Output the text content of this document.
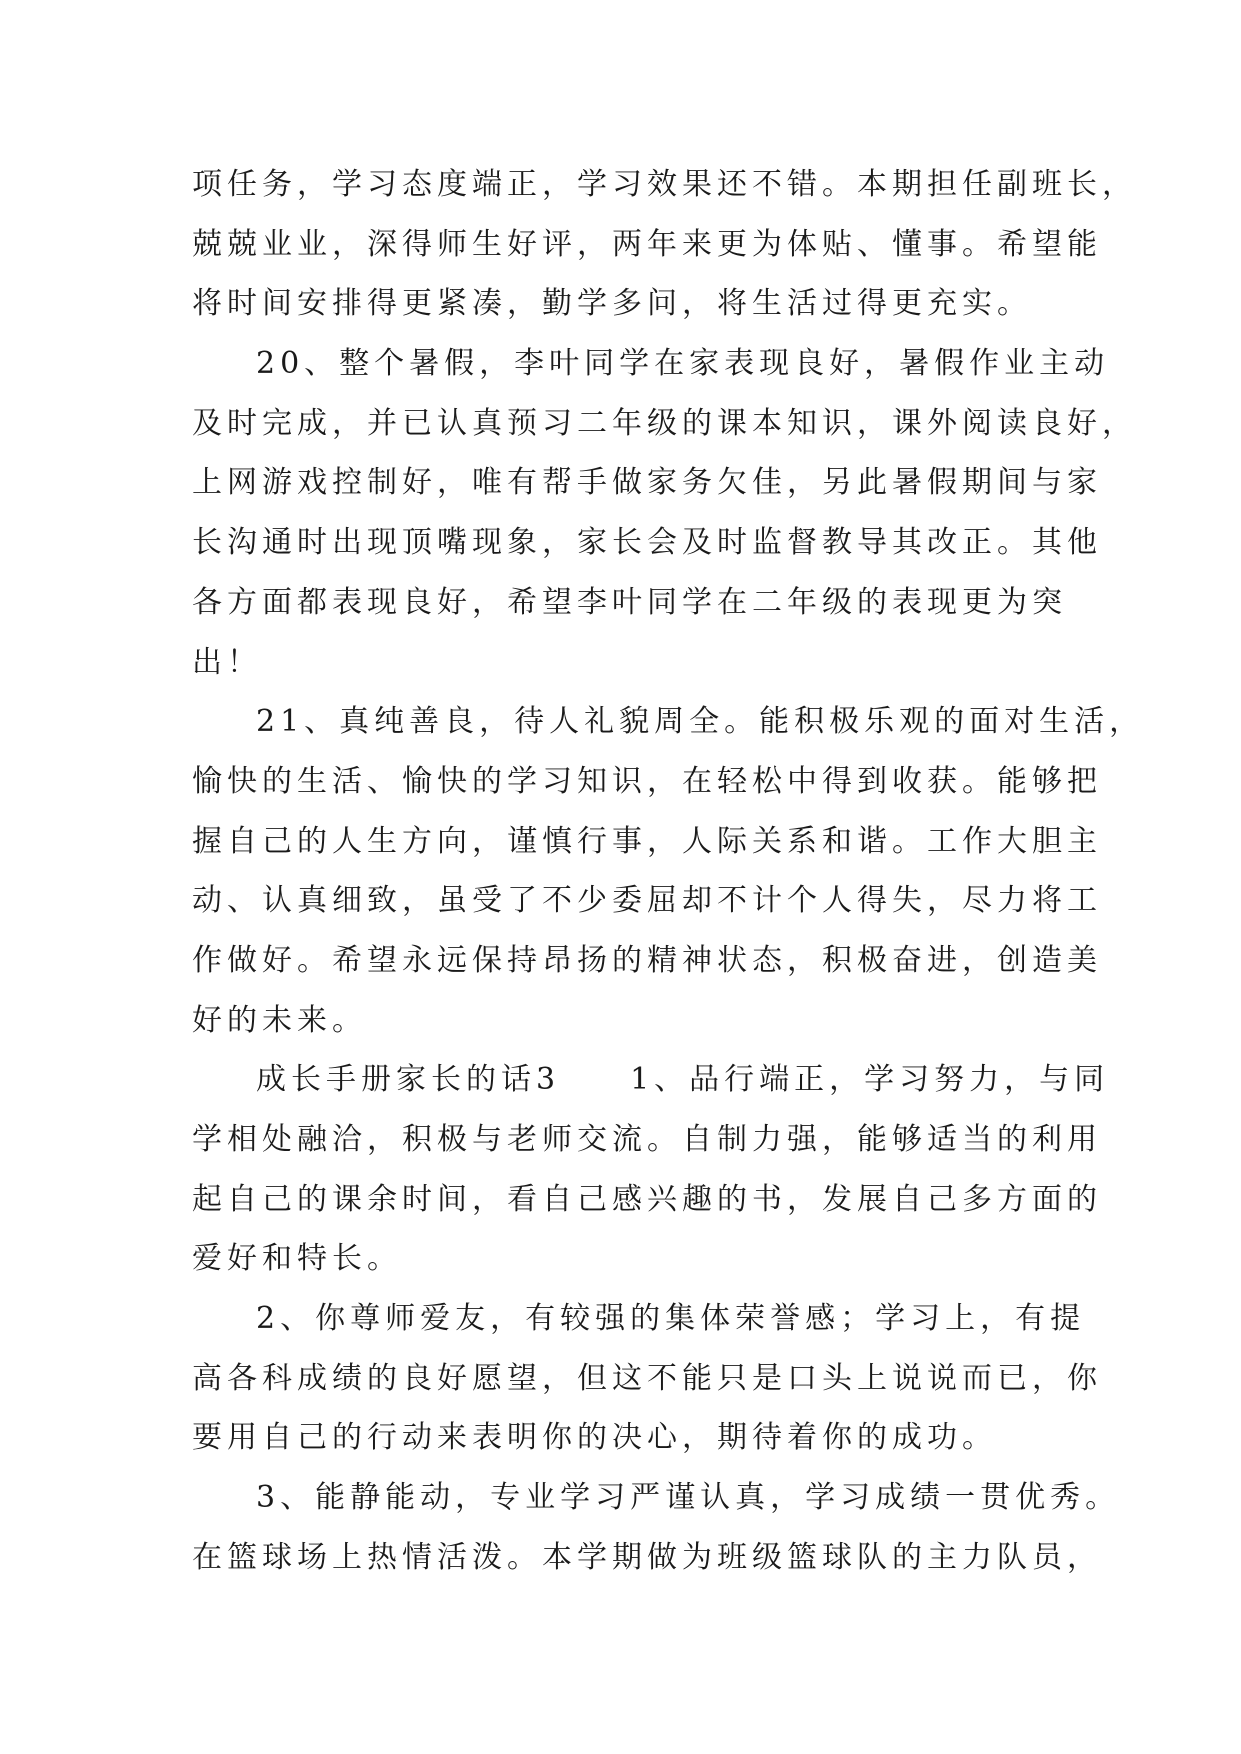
项任务，学习态度端正，学习效果还不错。本期担任副班长，
兢兢业业，深得师生好评，两年来更为体贴、懂事。希望能
将时间安排得更紧凑，勤学多问，将生活过得更充实。
20、整个暑假，李叶同学在家表现良好，暑假作业主动
及时完成，并已认真预习二年级的课本知识，课外阅读良好，
上网游戏控制好，唯有帮手做家务欠佳，另此暑假期间与家
长沟通时出现顶嘴现象，家长会及时监督教导其改正。其他
各方面都表现良好，希望李叶同学在二年级的表现更为突
出！
21、真纯善良，待人礼貌周全。能积极乐观的面对生活，
愉快的生活、愉快的学习知识，在轻松中得到收获。能够把
握自己的人生方向，谨慎行事，人际关系和谐。工作大胆主
动、认真细致，虽受了不少委屈却不计个人得失，尽力将工
作做好。希望永远保持昂扬的精神状态，积极奋进，创造美
好的未来。
成长手册家长的话3　　1、品行端正，学习努力，与同
学相处融洽，积极与老师交流。自制力强，能够适当的利用
起自己的课余时间，看自己感兴趣的书，发展自己多方面的
爱好和特长。
2、你尊师爱友，有较强的集体荣誉感；学习上，有提
高各科成绩的良好愿望，但这不能只是口头上说说而已，你
要用自己的行动来表明你的决心，期待着你的成功。
3、能静能动，专业学习严谨认真，学习成绩一贯优秀。
在篮球场上热情活泼。本学期做为班级篮球队的主力队员，
